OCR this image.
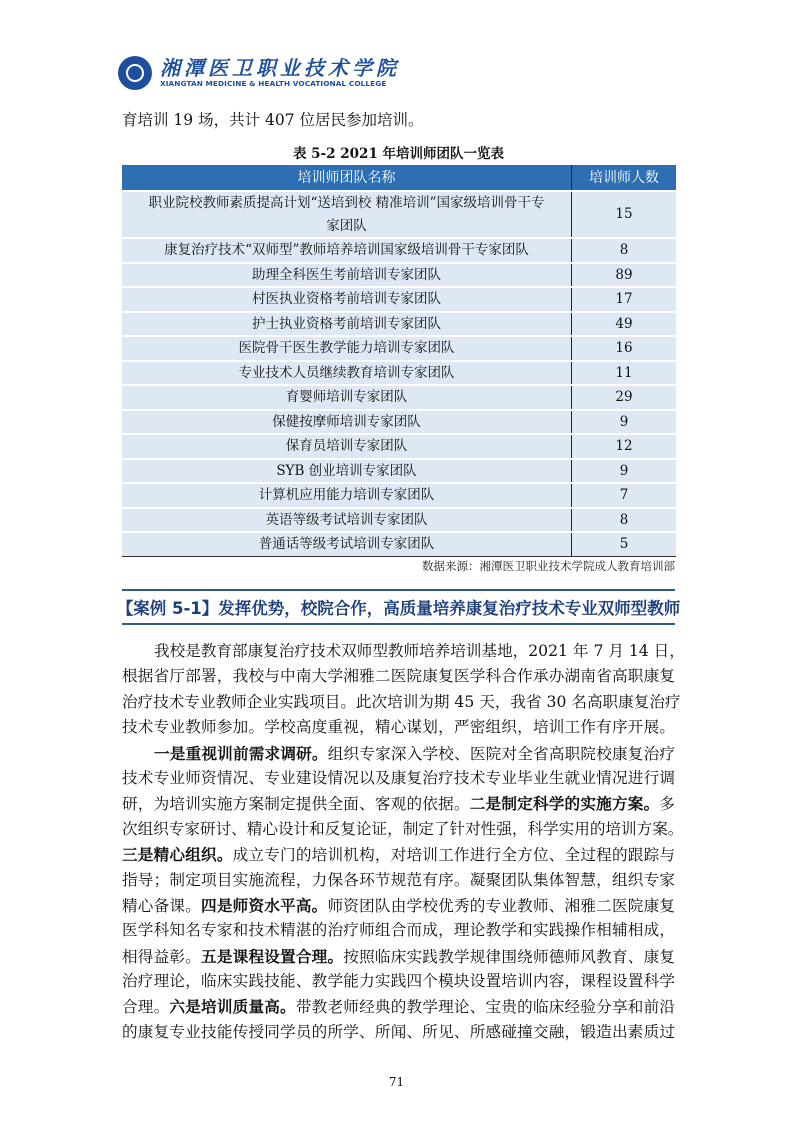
湘潭医卫职业技术学院
XIANGTAN MEDICINE & HEALTH VOCATIONAL COLLEGE
育培训 19 场，共计 407 位居民参加培训。
表 5-2 2021 年培训师团队一览表
培训师团队名称	培训师人数
职业院校教师素质提高计划“送培到校 精准培训”国家级培训骨干专家团队	15
康复治疗技术“双师型”教师培养培训国家级培训骨干专家团队	8
助理全科医生考前培训专家团队	89
村医执业资格考前培训专家团队	17
护士执业资格考前培训专家团队	49
医院骨干医生教学能力培训专家团队	16
专业技术人员继续教育培训专家团队	11
育婴师培训专家团队	29
保健按摩师培训专家团队	9
保育员培训专家团队	12
SYB 创业培训专家团队	9
计算机应用能力培训专家团队	7
英语等级考试培训专家团队	8
普通话等级考试培训专家团队	5
数据来源：湘潭医卫职业技术学院成人教育培训部
【案例 5-1】发挥优势，校院合作，高质量培养康复治疗技术专业双师型教师
我校是教育部康复治疗技术双师型教师培养培训基地，2021 年 7 月 14 日，
根据省厅部署，我校与中南大学湘雅二医院康复医学科合作承办湖南省高职康复
治疗技术专业教师企业实践项目。此次培训为期 45 天，我省 30 名高职康复治疗
技术专业教师参加。学校高度重视，精心谋划，严密组织，培训工作有序开展。
一是重视训前需求调研。组织专家深入学校、医院对全省高职院校康复治疗
技术专业师资情况、专业建设情况以及康复治疗技术专业毕业生就业情况进行调
研，为培训实施方案制定提供全面、客观的依据。二是制定科学的实施方案。多
次组织专家研讨、精心设计和反复论证，制定了针对性强，科学实用的培训方案。
三是精心组织。成立专门的培训机构，对培训工作进行全方位、全过程的跟踪与
指导；制定项目实施流程，力保各环节规范有序。凝聚团队集体智慧，组织专家
精心备课。四是师资水平高。师资团队由学校优秀的专业教师、湘雅二医院康复
医学科知名专家和技术精湛的治疗师组合而成，理论教学和实践操作相辅相成，
相得益彰。五是课程设置合理。按照临床实践教学规律围绕师德师风教育、康复
治疗理论，临床实践技能、教学能力实践四个模块设置培训内容，课程设置科学
合理。六是培训质量高。带教老师经典的教学理论、宝贵的临床经验分享和前沿
的康复专业技能传授同学员的所学、所闻、所见、所感碰撞交融，锻造出素质过
71
